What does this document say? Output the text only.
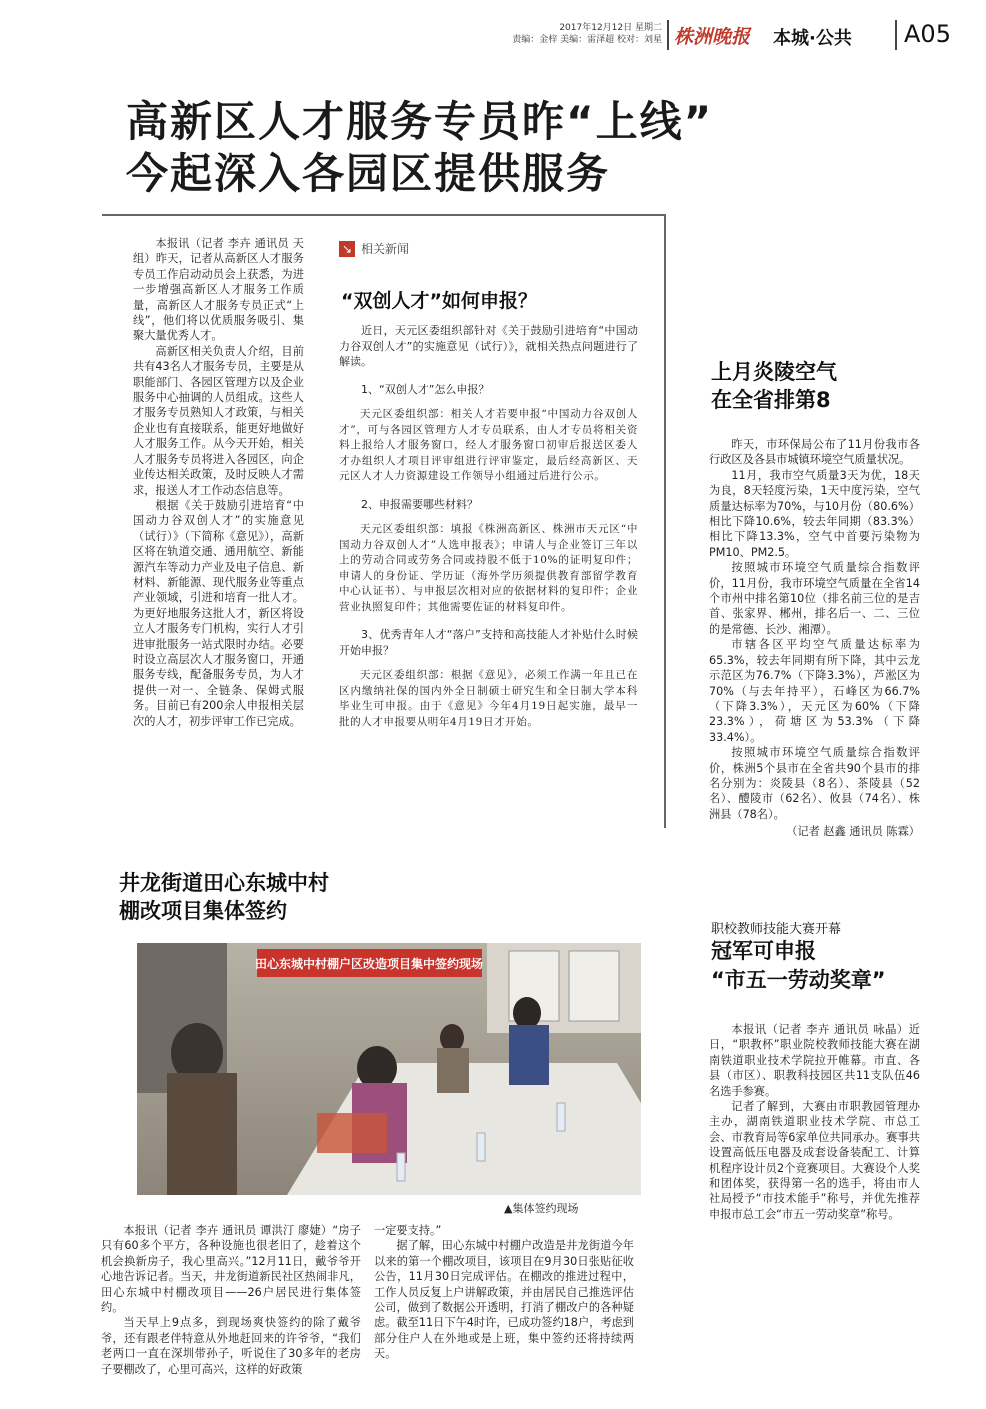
2017年12月12日 星期二
责编：金梓 美编：雷泽超 校对：刘星 株洲晚报 本城·公共 A05
高新区人才服务专员昨“上线”
今起深入各园区提供服务

本报讯（记者 李卉 通讯员 天组）昨天，记者从高新区人才服务专员工作启动动员会上获悉，为进一步增强高新区人才服务工作质量，高新区人才服务专员正式“上线”，他们将以优质服务吸引、集聚大量优秀人才。

高新区相关负责人介绍，目前共有43名人才服务专员，主要是从职能部门、各园区管理方以及企业服务中心抽调的人员组成。这些人才服务专员熟知人才政策，与相关企业也有直接联系，能更好地做好人才服务工作。从今天开始，相关人才服务专员将进入各园区，向企业传达相关政策，及时反映人才需求，报送人才工作动态信息等。

根据《关于鼓励引进培育“中国动力谷双创人才”的实施意见（试行）》（下简称《意见》），高新区将在轨道交通、通用航空、新能源汽车等动力产业及电子信息、新材料、新能源、现代服务业等重点产业领域，引进和培育一批人才。为更好地服务这批人才，新区将设立人才服务专门机构，实行人才引进审批服务一站式限时办结。必要时设立高层次人才服务窗口，开通服务专线，配备服务专员，为人才提供一对一、全链条、保姆式服务。目前已有200余人申报相关层次的人才，初步评审工作已完成。

↘ 相关新闻
“双创人才”如何申报？

近日，天元区委组织部针对《关于鼓励引进培育“中国动力谷双创人才”的实施意见（试行）》，就相关热点问题进行了解读。

1、“双创人才”怎么申报？

天元区委组织部：相关人才若要申报“中国动力谷双创人才”，可与各园区管理方人才专员联系，由人才专员将相关资料上报给人才服务窗口，经人才服务窗口初审后报送区委人才办组织人才项目评审组进行评审鉴定，最后经高新区、天元区人才人力资源建设工作领导小组通过后进行公示。

2、申报需要哪些材料？

天元区委组织部：填报《株洲高新区、株洲市天元区“中国动力谷双创人才”人选申报表》；申请人与企业签订三年以上的劳动合同或劳务合同或持股不低于10%的证明复印件；申请人的身份证、学历证（海外学历须提供教育部留学教育中心认证书）、与申报层次相对应的依据材料的复印件；企业营业执照复印件；其他需要佐证的材料复印件。

3、优秀青年人才“落户”支持和高技能人才补贴什么时候开始申报？

天元区委组织部：根据《意见》，必须工作满一年且已在区内缴纳社保的国内外全日制硕士研究生和全日制大学本科毕业生可申报。由于《意见》今年4月19日起实施，最早一批的人才申报要从明年4月19日才开始。

上月炎陵空气
在全省排第8

昨天，市环保局公布了11月份我市各行政区及各县市城镇环境空气质量状况。

11月，我市空气质量3天为优，18天为良，8天轻度污染，1天中度污染，空气质量达标率为70%，与10月份（80.6%）相比下降10.6%，较去年同期（83.3%）相比下降13.3%，空气中首要污染物为PM10、PM2.5。

按照城市环境空气质量综合指数评价，11月份，我市环境空气质量在全省14个市州中排名第10位（排名前三位的是吉首、张家界、郴州，排名后一、二、三位的是常德、长沙、湘潭）。

市辖各区平均空气质量达标率为65.3%，较去年同期有所下降，其中云龙示范区为76.7%（下降3.3%），芦淞区为70%（与去年持平），石峰区为66.7%（下降3.3%），天元区为60%（下降23.3%），荷塘区为53.3%（下降33.4%）。

按照城市环境空气质量综合指数评价，株洲5个县市在全省共90个县市的排名分别为：炎陵县（8名）、茶陵县（52名）、醴陵市（62名）、攸县（74名）、株洲县（78名）。

（记者 赵鑫 通讯员 陈霖）
井龙街道田心东城中村
棚改项目集体签约
田心东城中村棚户区改造项目集中签约现场
▲集体签约现场

本报讯（记者 李卉 通讯员 谭洪汀 廖婕）“房子只有60多个平方，各种设施也很老旧了，趁着这个机会换新房子，我心里高兴。”12月11日，戴爷爷开心地告诉记者。当天，井龙街道新民社区热闹非凡，田心东城中村棚改项目——26户居民进行集体签约。

当天早上9点多，到现场爽快签约的除了戴爷爷，还有跟老伴特意从外地赶回来的许爷爷，“我们老两口一直在深圳带孙子，听说住了30多年的老房子要棚改了，心里可高兴，这样的好政策

一定要支持。”

据了解，田心东城中村棚户改造是井龙街道今年以来的第一个棚改项目，该项目在9月30日张贴征收公告，11月30日完成评估。在棚改的推进过程中，工作人员反复上户讲解政策，并由居民自己推选评估公司，做到了数据公开透明，打消了棚改户的各种疑虑。截至11日下午4时许，已成功签约18户，考虑到部分住户人在外地或是上班，集中签约还将持续两天。

职校教师技能大赛开幕
冠军可申报
“市五一劳动奖章”

本报讯（记者 李卉 通讯员 咏晶）近日，“职教杯”职业院校教师技能大赛在湖南铁道职业技术学院拉开帷幕。市直、各县（市区）、职教科技园区共11支队伍46名选手参赛。

记者了解到，大赛由市职教园管理办主办，湖南铁道职业技术学院、市总工会、市教育局等6家单位共同承办。赛事共设置高低压电器及成套设备装配工、计算机程序设计员2个竞赛项目。大赛设个人奖和团体奖，获得第一名的选手，将由市人社局授予“市技术能手”称号，并优先推荐申报市总工会“市五一劳动奖章”称号。
